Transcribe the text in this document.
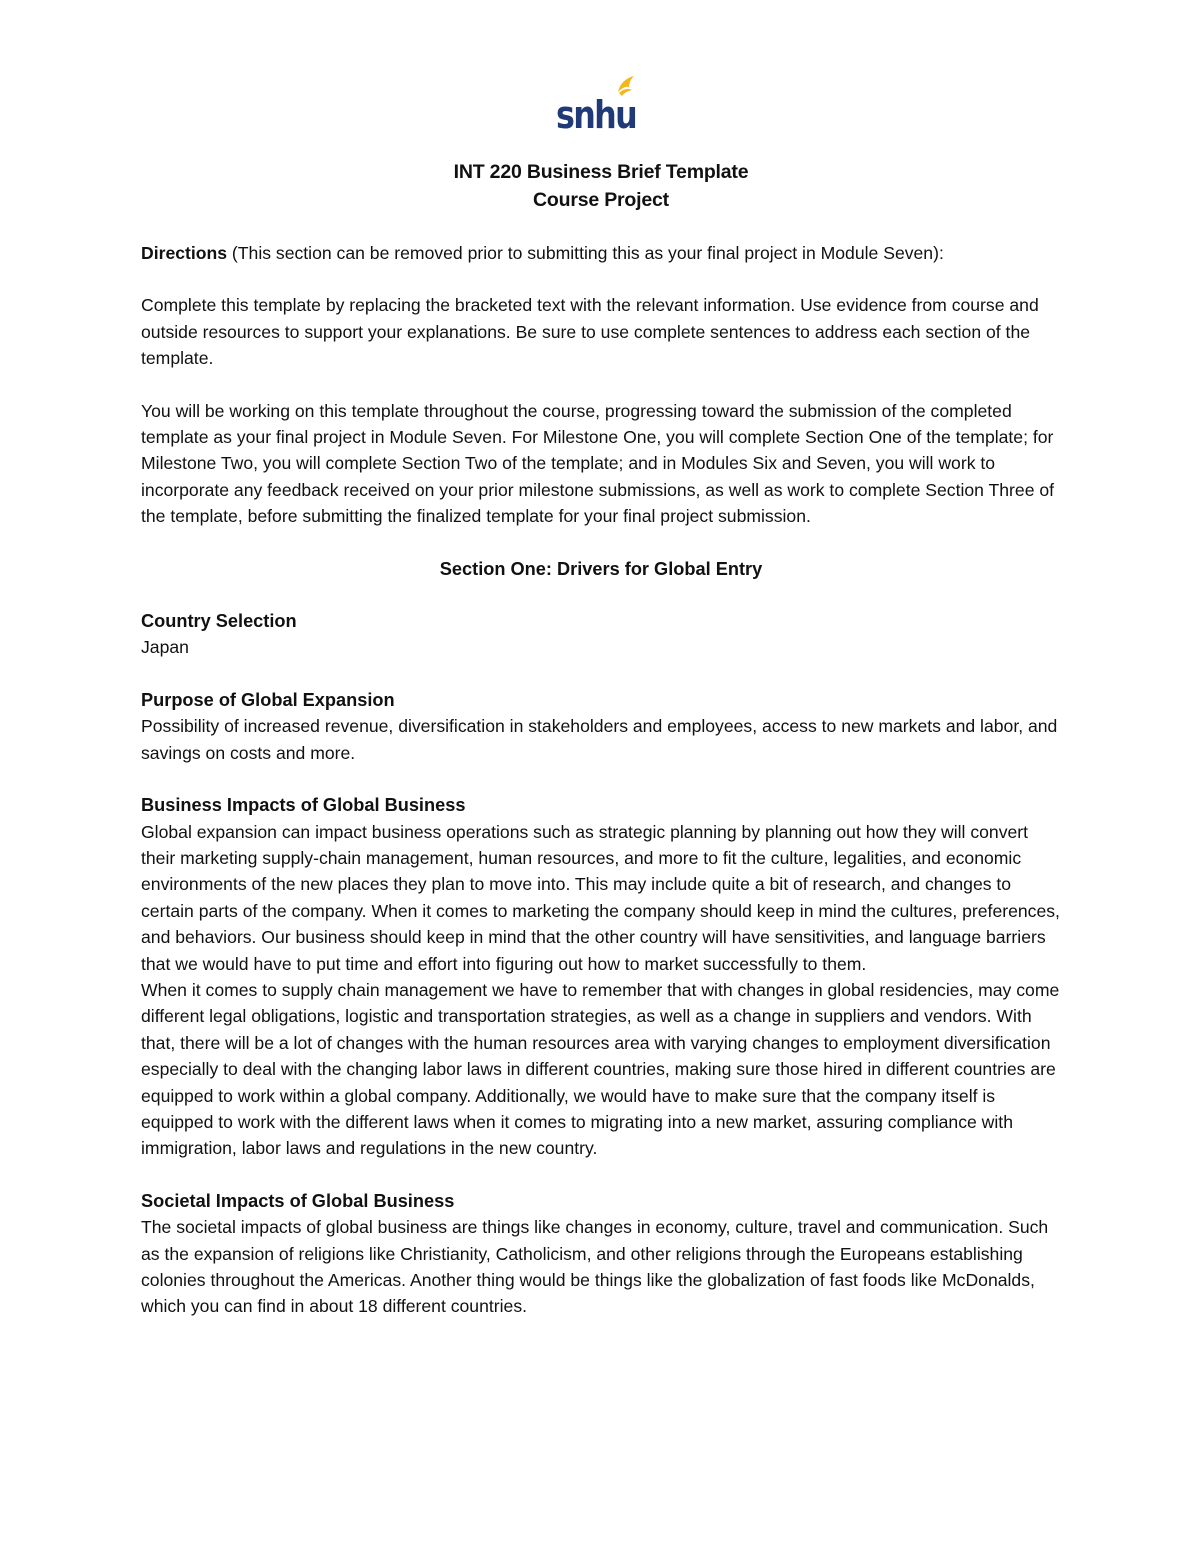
snhu
INT 220 Business Brief Template
Course Project

Directions (This section can be removed prior to submitting this as your final project in Module Seven):

Complete this template by replacing the bracketed text with the relevant information. Use evidence from course and outside resources to support your explanations. Be sure to use complete sentences to address each section of the template.

You will be working on this template throughout the course, progressing toward the submission of the completed template as your final project in Module Seven. For Milestone One, you will complete Section One of the template; for Milestone Two, you will complete Section Two of the template; and in Modules Six and Seven, you will work to incorporate any feedback received on your prior milestone submissions, as well as work to complete Section Three of the template, before submitting the finalized template for your final project submission.

Section One: Drivers for Global Entry

Country Selection

Japan

Purpose of Global Expansion

Possibility of increased revenue, diversification in stakeholders and employees, access to new markets and labor, and savings on costs and more.

Business Impacts of Global Business

Global expansion can impact business operations such as strategic planning by planning out how they will convert their marketing supply-chain management, human resources, and more to fit the culture, legalities, and economic environments of the new places they plan to move into. This may include quite a bit of research, and changes to certain parts of the company. When it comes to marketing the company should keep in mind the cultures, preferences, and behaviors. Our business should keep in mind that the other country will have sensitivities, and language barriers that we would have to put time and effort into figuring out how to market successfully to them.

When it comes to supply chain management we have to remember that with changes in global residencies, may come different legal obligations, logistic and transportation strategies, as well as a change in suppliers and vendors. With that, there will be a lot of changes with the human resources area with varying changes to employment diversification especially to deal with the changing labor laws in different countries, making sure those hired in different countries are equipped to work within a global company. Additionally, we would have to make sure that the company itself is equipped to work with the different laws when it comes to migrating into a new market, assuring compliance with immigration, labor laws and regulations in the new country.

Societal Impacts of Global Business

The societal impacts of global business are things like changes in economy, culture, travel and communication. Such as the expansion of religions like Christianity, Catholicism, and other religions through the Europeans establishing colonies throughout the Americas. Another thing would be things like the globalization of fast foods like McDonalds, which you can find in about 18 different countries.
